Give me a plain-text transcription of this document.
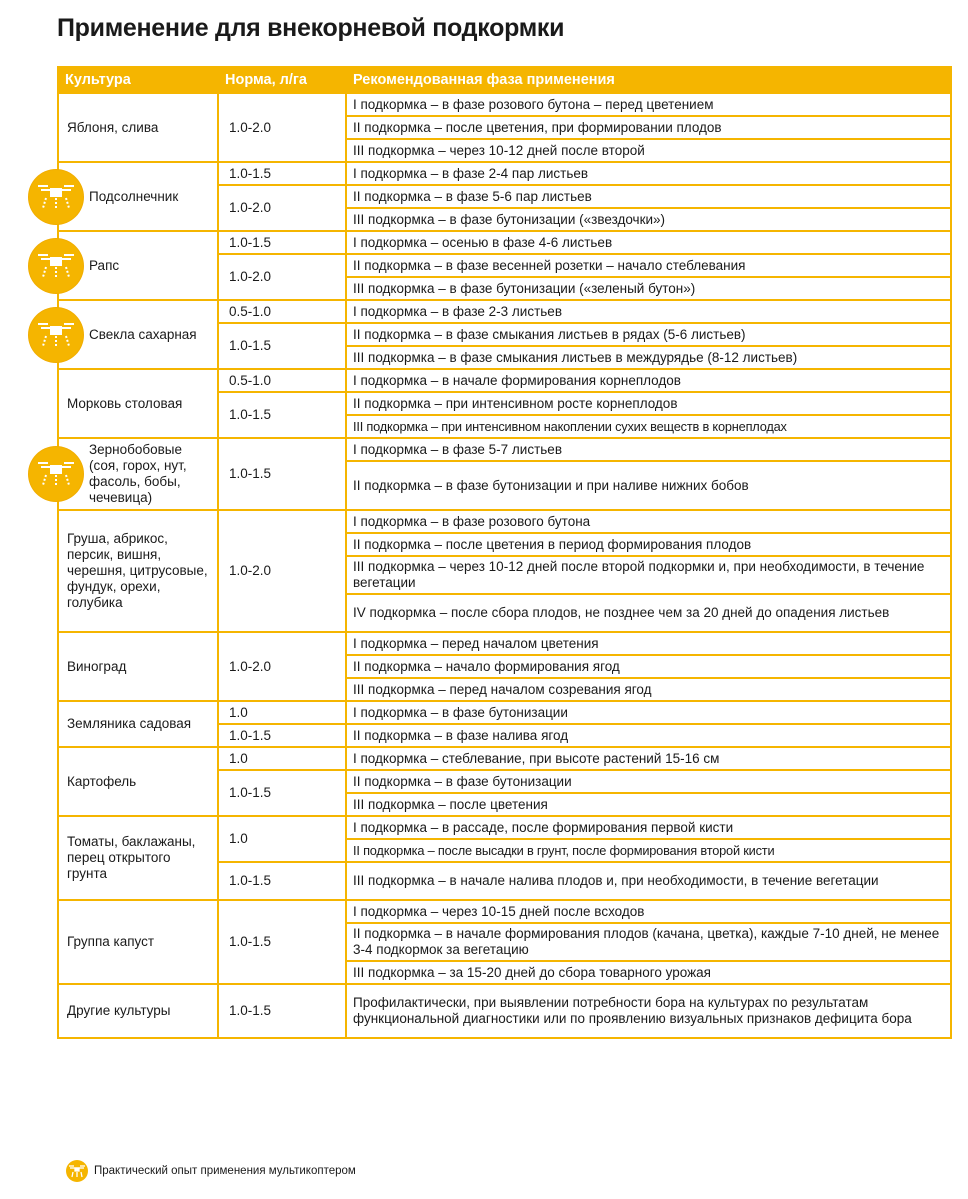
Применение для внекорневой подкормки
Культура	Норма, л/га	Рекомендованная фаза применения

Яблоня, слива	1.0-2.0	I подкормка – в фазе розового бутона – перед цветением
		II подкормка – после цветения, при формировании плодов
		III подкормка – через 10-12 дней после второй

Подсолнечник	1.0-1.5	I подкормка – в фазе 2-4 пар листьев
	1.0-2.0	II подкормка – в фазе 5-6 пар листьев
		III подкормка – в фазе бутонизации («звездочки»)

Рапс	1.0-1.5	I подкормка – осенью в фазе 4-6 листьев
	1.0-2.0	II подкормка – в фазе весенней розетки – начало стеблевания
		III подкормка – в фазе бутонизации («зеленый бутон»)

Свекла сахарная	0.5-1.0	I подкормка – в фазе 2-3 листьев
	1.0-1.5	II подкормка – в фазе смыкания листьев в рядах (5-6 листьев)
		III подкормка – в фазе смыкания листьев в междурядье (8-12 листьев)

Морковь столовая	0.5-1.0	I подкормка – в начале формирования корнеплодов
	1.0-1.5	II подкормка – при интенсивном росте корнеплодов
		III подкормка – при интенсивном накоплении сухих веществ в корнеплодах

Зернобобовые (соя, горох, нут, фасоль, бобы, чечевица)	1.0-1.5	I подкормка – в фазе 5-7 листьев
		II подкормка – в фазе бутонизации и при наливе нижних бобов

Груша, абрикос, персик, вишня, черешня, цитрусовые, фундук, орехи, голубика	1.0-2.0	I подкормка – в фазе розового бутона
		II подкормка – после цветения в период формирования плодов
		III подкормка – через 10-12 дней после второй подкормки и, при необходимости, в течение вегетации
		IV подкормка – после сбора плодов, не позднее чем за 20 дней до опадения листьев

Виноград	1.0-2.0	I подкормка – перед началом цветения
		II подкормка – начало формирования ягод
		III подкормка – перед началом созревания ягод

Земляника садовая	1.0	I подкормка – в фазе бутонизации
	1.0-1.5	II подкормка – в фазе налива ягод

Картофель	1.0	I подкормка – стеблевание, при высоте растений 15-16 см
	1.0-1.5	II подкормка – в фазе бутонизации
		III подкормка – после цветения

Томаты, баклажаны, перец открытого грунта	1.0	I подкормка – в рассаде, после формирования первой кисти
		II подкормка – после высадки в грунт, после формирования второй кисти
	1.0-1.5	III подкормка – в начале налива плодов и, при необходимости, в течение вегетации

Группа капуст	1.0-1.5	I подкормка – через 10-15 дней после всходов
		II подкормка – в начале формирования плодов (качана, цветка), каждые 7-10 дней, не менее 3-4 подкормок за вегетацию
		III подкормка – за 15-20 дней до сбора товарного урожая

Другие культуры	1.0-1.5	Профилактически, при выявлении потребности бора на культурах по результатам функциональной диагностики или по проявлению визуальных признаков дефицита бора
Практический опыт применения мультикоптером
